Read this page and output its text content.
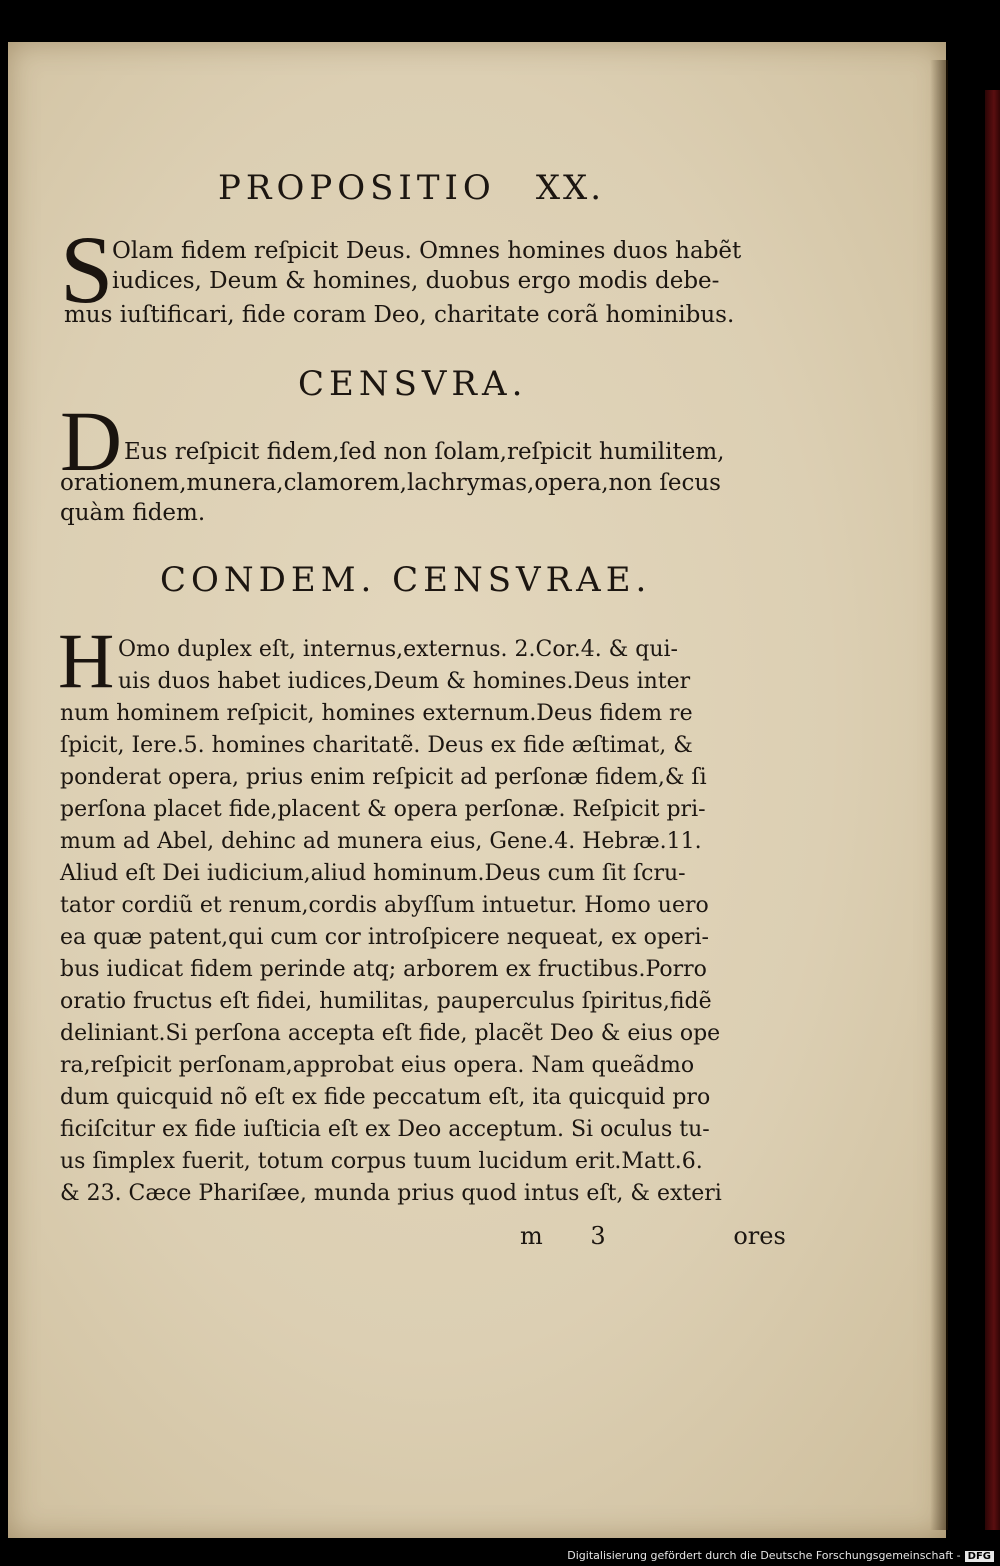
PROPOSITIO XX.
S
Olam fidem reſpicit Deus. Omnes homines duos habẽt
iudices, Deum & homines, duobus ergo modis debe-
mus iuſtificari, fide coram Deo, charitate corã hominibus.
CENSVRA.
D Eus reſpicit fidem,ſed non ſolam,reſpicit humilitem,
orationem,munera,clamorem,lachrymas,opera,non ſecus
quàm fidem.
CONDEM. CENSVRAE.
H Omo duplex eſt, internus,externus. 2.Cor.4. & qui-
uis duos habet iudices,Deum & homines.Deus inter
num hominem reſpicit, homines externum.Deus fidem re
ſpicit, Iere.5. homines charitatẽ. Deus ex fide æſtimat, &
ponderat opera, prius enim reſpicit ad perſonæ fidem,& ſi
perſona placet fide,placent & opera perſonæ. Reſpicit pri-
mum ad Abel, dehinc ad munera eius, Gene.4. Hebræ.11.
Aliud eſt Dei iudicium,aliud hominum.Deus cum ſit ſcru-
tator cordiũ et renum,cordis abyſſum intuetur. Homo uero
ea quæ patent,qui cum cor introſpicere nequeat, ex operi-
bus iudicat fidem perinde atq; arborem ex fructibus.Porro
oratio fructus eſt fidei, humilitas, pauperculus ſpiritus,fidẽ
deliniant.Si perſona accepta eſt fide, placẽt Deo & eius ope
ra,reſpicit perſonam,approbat eius opera. Nam queãdmo
dum quicquid nõ eſt ex fide peccatum eſt, ita quicquid pro
ficiſcitur ex fide iuſticia eſt ex Deo acceptum. Si oculus tu-
us ſimplex fuerit, totum corpus tuum lucidum erit.Matt.6.
& 23. Cæce Phariſæe, munda prius quod intus eſt, & exteri
m 3	ores
Digitalisierung gefördert durch die Deutsche Forschungsgemeinschaft - DFG
